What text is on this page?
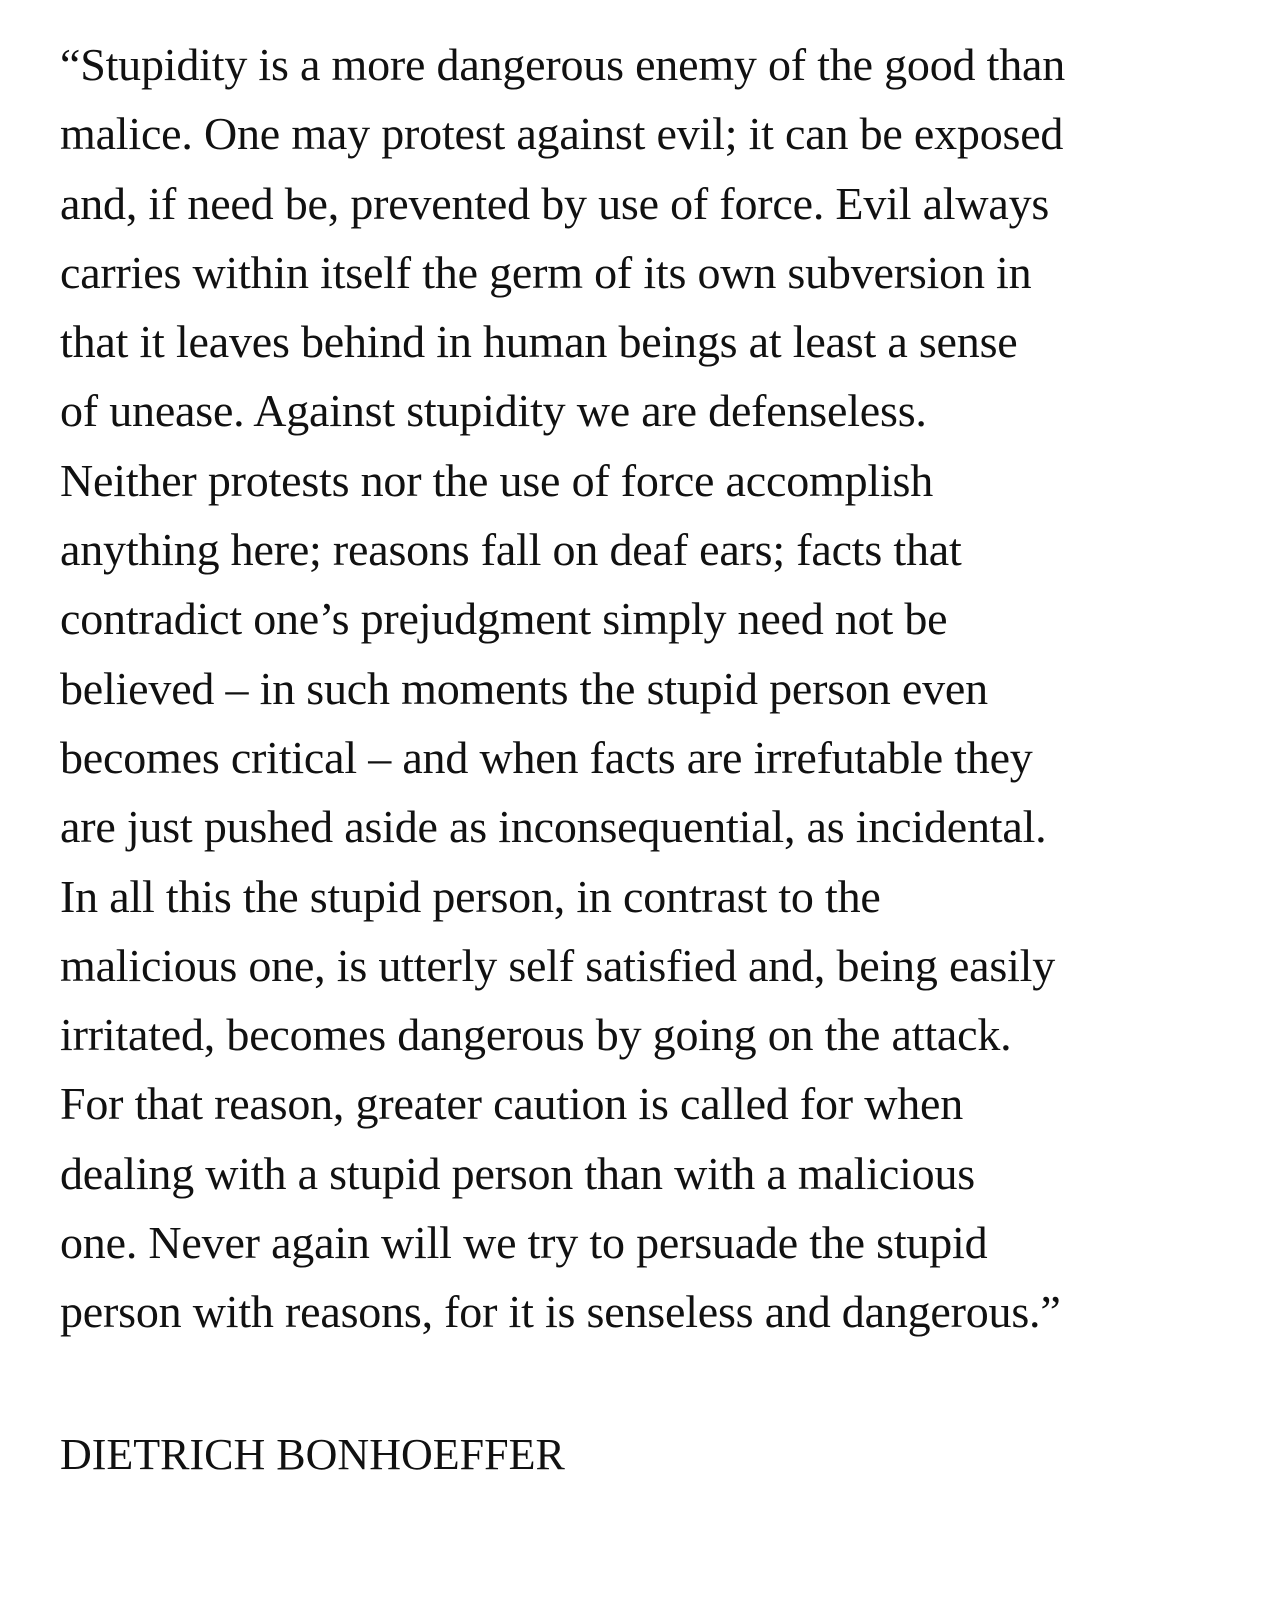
“Stupidity is a more dangerous enemy of the good than
malice. One may protest against evil; it can be exposed
and, if need be, prevented by use of force. Evil always
carries within itself the germ of its own subversion in
that it leaves behind in human beings at least a sense
of unease. Against stupidity we are defenseless.
Neither protests nor the use of force accomplish
anything here; reasons fall on deaf ears; facts that
contradict one’s prejudgment simply need not be
believed – in such moments the stupid person even
becomes critical – and when facts are irrefutable they
are just pushed aside as inconsequential, as incidental.
In all this the stupid person, in contrast to the
malicious one, is utterly self satisfied and, being easily
irritated, becomes dangerous by going on the attack.
For that reason, greater caution is called for when
dealing with a stupid person than with a malicious
one. Never again will we try to persuade the stupid
person with reasons, for it is senseless and dangerous.”

DIETRICH BONHOEFFER
